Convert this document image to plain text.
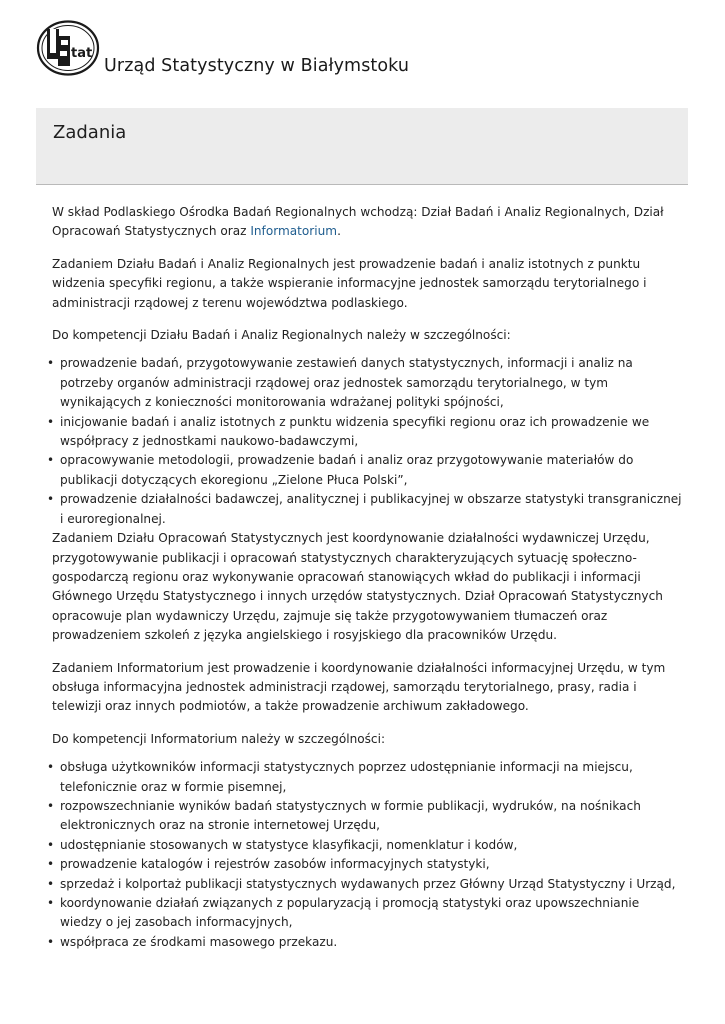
tat
Urząd Statystyczny w Białymstoku
Zadania

W skład Podlaskiego Ośrodka Badań Regionalnych wchodzą: Dział Badań i Analiz Regionalnych, Dział Opracowań Statystycznych oraz Informatorium.

Zadaniem Działu Badań i Analiz Regionalnych jest prowadzenie badań i analiz istotnych z punktu widzenia specyfiki regionu, a także wspieranie informacyjne jednostek samorządu terytorialnego i administracji rządowej z terenu województwa podlaskiego.

Do kompetencji Działu Badań i Analiz Regionalnych należy w szczególności:

• prowadzenie badań, przygotowywanie zestawień danych statystycznych, informacji i analiz na potrzeby organów administracji rządowej oraz jednostek samorządu terytorialnego, w tym wynikających z konieczności monitorowania wdrażanej polityki spójności,
• inicjowanie badań i analiz istotnych z punktu widzenia specyfiki regionu oraz ich prowadzenie we współpracy z jednostkami naukowo-badawczymi,
• opracowywanie metodologii, prowadzenie badań i analiz oraz przygotowywanie materiałów do publikacji dotyczących ekoregionu „Zielone Płuca Polski”,
• prowadzenie działalności badawczej, analitycznej i publikacyjnej w obszarze statystyki transgranicznej i euroregionalnej.

Zadaniem Działu Opracowań Statystycznych jest koordynowanie działalności wydawniczej Urzędu, przygotowywanie publikacji i opracowań statystycznych charakteryzujących sytuację społeczno-gospodarczą regionu oraz wykonywanie opracowań stanowiących wkład do publikacji i informacji Głównego Urzędu Statystycznego i innych urzędów statystycznych. Dział Opracowań Statystycznych opracowuje plan wydawniczy Urzędu, zajmuje się także przygotowywaniem tłumaczeń oraz prowadzeniem szkoleń z języka angielskiego i rosyjskiego dla pracowników Urzędu.

Zadaniem Informatorium jest prowadzenie i koordynowanie działalności informacyjnej Urzędu, w tym obsługa informacyjna jednostek administracji rządowej, samorządu terytorialnego, prasy, radia i telewizji oraz innych podmiotów, a także prowadzenie archiwum zakładowego.

Do kompetencji Informatorium należy w szczególności:

• obsługa użytkowników informacji statystycznych poprzez udostępnianie informacji na miejscu, telefonicznie oraz w formie pisemnej,
• rozpowszechnianie wyników badań statystycznych w formie publikacji, wydruków, na nośnikach elektronicznych oraz na stronie internetowej Urzędu,
• udostępnianie stosowanych w statystyce klasyfikacji, nomenklatur i kodów,
• prowadzenie katalogów i rejestrów zasobów informacyjnych statystyki,
• sprzedaż i kolportaż publikacji statystycznych wydawanych przez Główny Urząd Statystyczny i Urząd,
• koordynowanie działań związanych z popularyzacją i promocją statystyki oraz upowszechnianie wiedzy o jej zasobach informacyjnych,
• współpraca ze środkami masowego przekazu.
